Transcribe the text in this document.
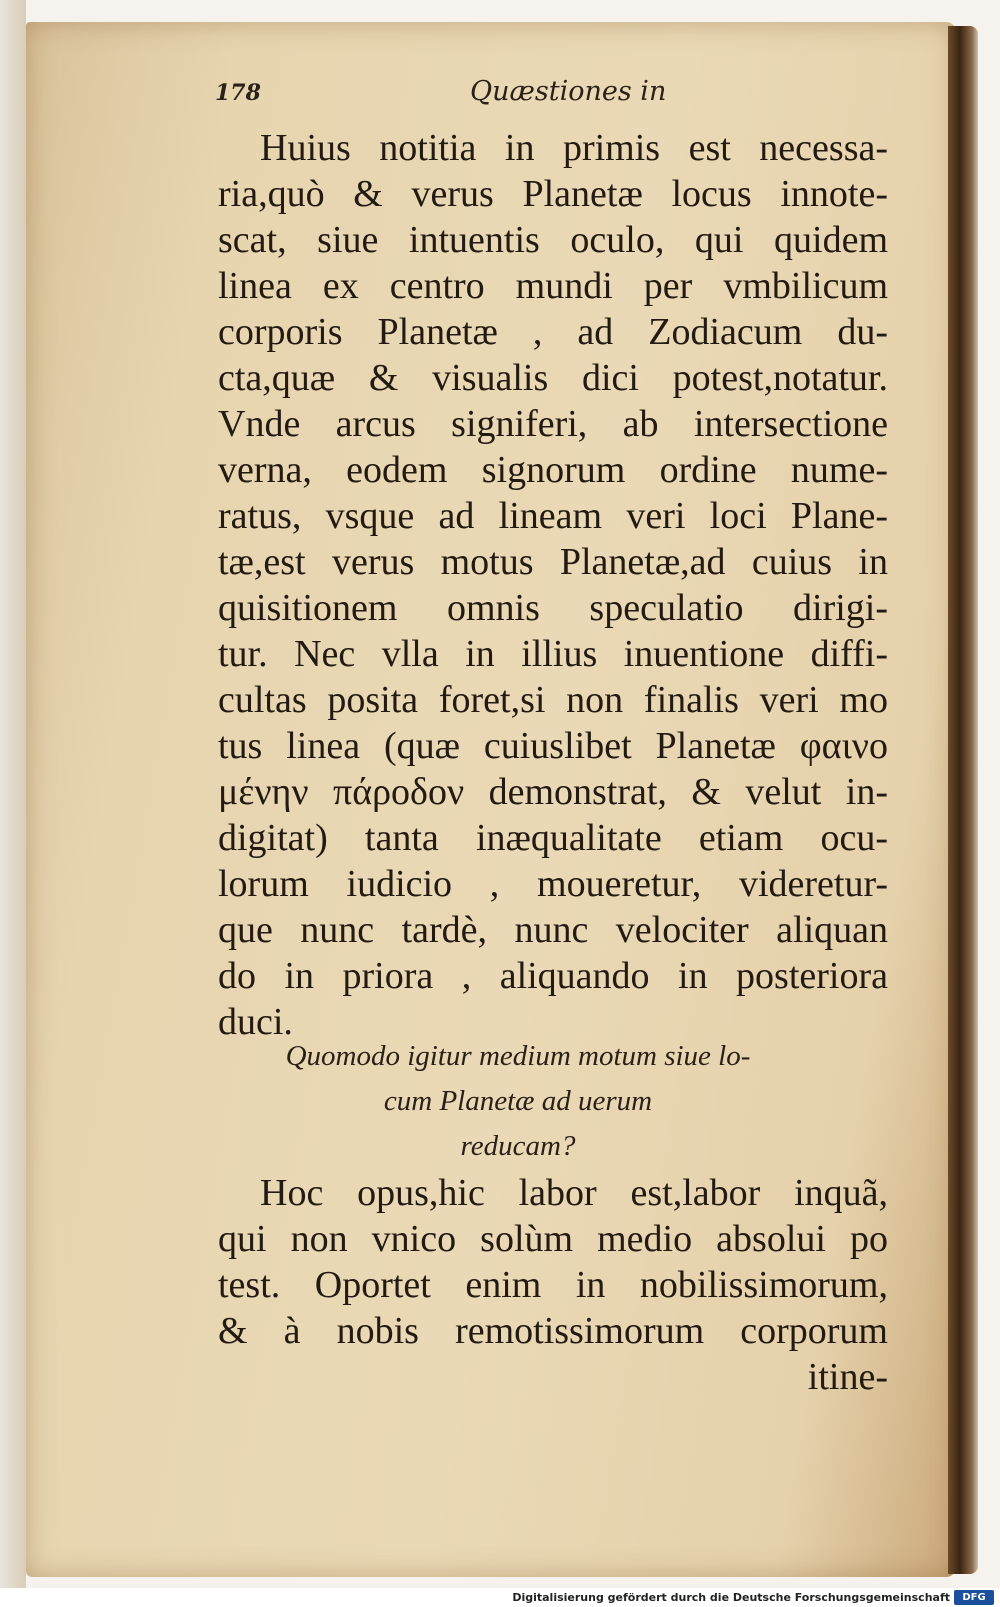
178	Quæstiones in
Huius notitia in primis est necessa-
ria,quò & verus Planetæ locus innote-
scat, siue intuentis oculo, qui quidem
linea ex centro mundi per vmbilicum
corporis Planetæ , ad Zodiacum du-
cta,quæ & visualis dici potest,notatur.
Vnde arcus signiferi, ab intersectione
verna, eodem signorum ordine nume-
ratus, vsque ad lineam veri loci Plane-
tæ,est verus motus Planetæ,ad cuius in
quisitionem omnis speculatio dirigi-
tur. Nec vlla in illius inuentione diffi-
cultas posita foret,si non finalis veri mo
tus linea (quæ cuiuslibet Planetæ φαινο
μένην πάροδον demonstrat, & velut in-
digitat) tanta inæqualitate etiam ocu-
lorum iudicio , moueretur, videretur-
que nunc tardè, nunc velociter aliquan
do in priora , aliquando in posteriora
duci.
Quomodo igitur medium motum siue lo-
cum Planetæ ad uerum
reducam?
Hoc opus,hic labor est,labor inquã,
qui non vnico solùm medio absolui po
test. Oportet enim in nobilissimorum,
& à nobis remotissimorum corporum
itine-
Digitalisierung gefördert durch die Deutsche Forschungsgemeinschaft	DFG
